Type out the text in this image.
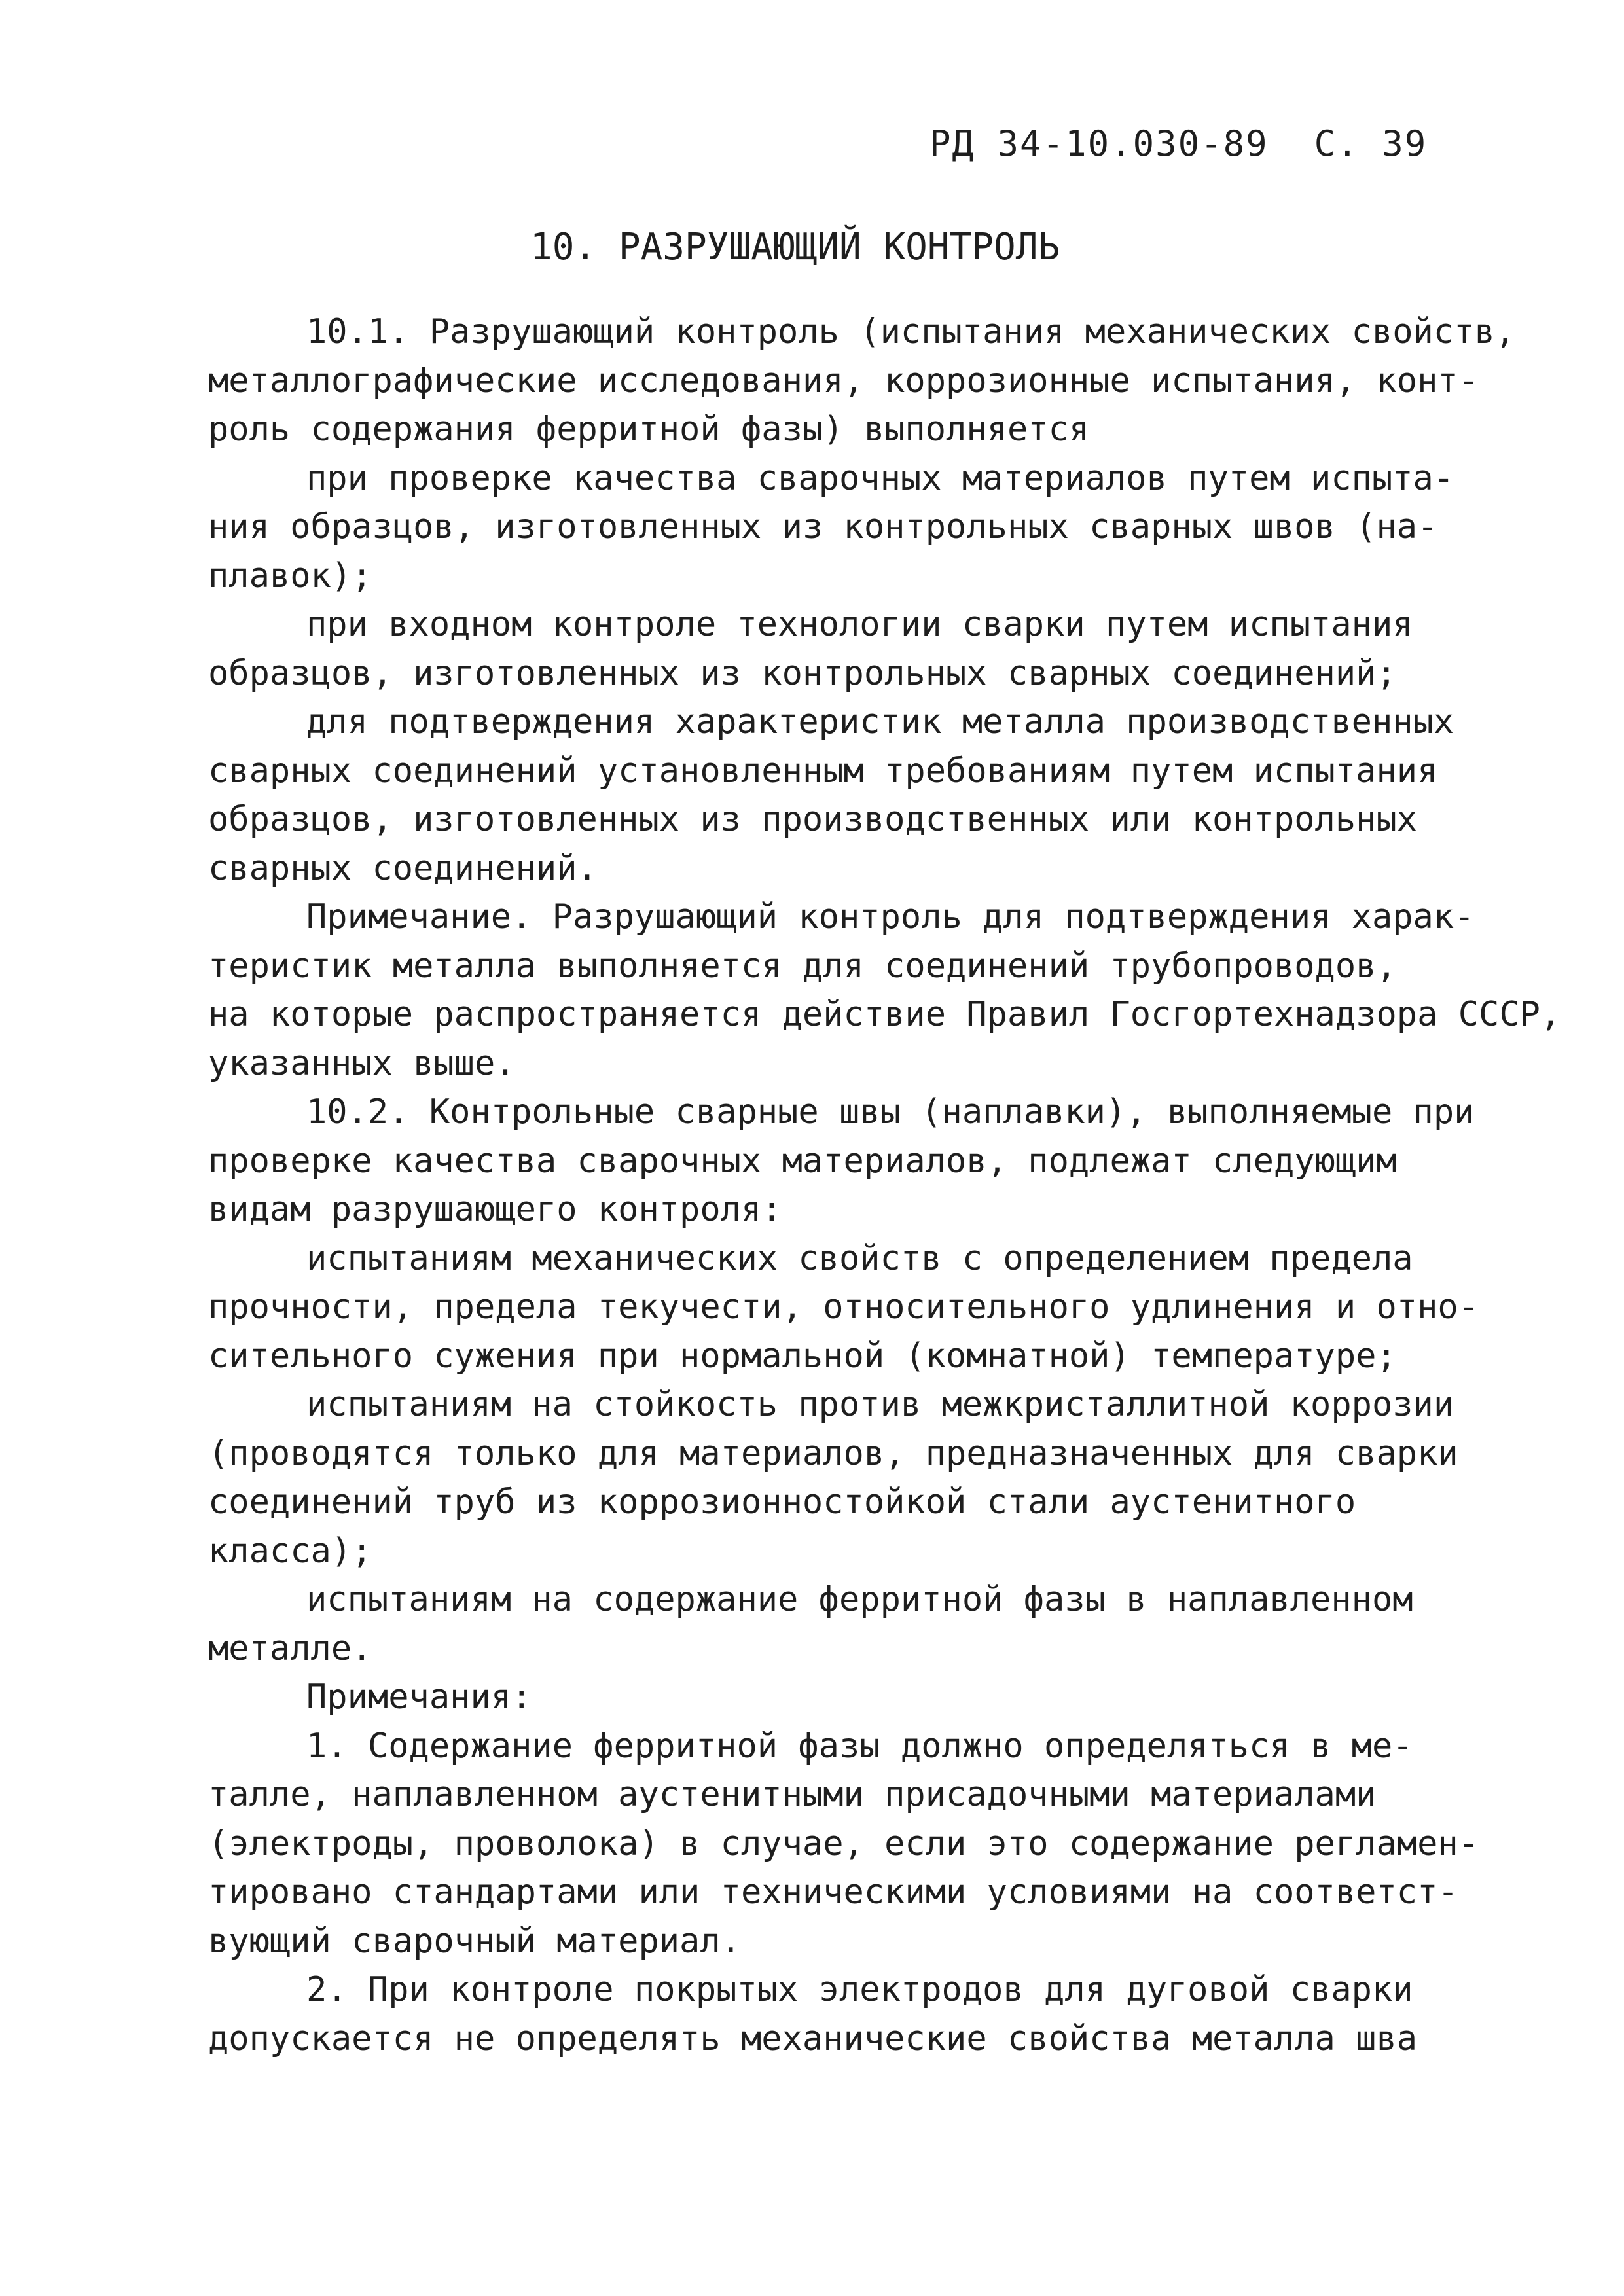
РД 34-10.030-89 С. 39
10. РАЗРУШАЮЩИЙ КОНТРОЛЬ
10.1. Разрушающий контроль (испытания механических свойств,
металлографические исследования, коррозионные испытания, конт-
роль содержания ферритной фазы) выполняется
при проверке качества сварочных материалов путем испыта-
ния образцов, изготовленных из контрольных сварных швов (на-
плавок);
при входном контроле технологии сварки путем испытания
образцов, изготовленных из контрольных сварных соединений;
для подтверждения характеристик металла производственных
сварных соединений установленным требованиям путем испытания
образцов, изготовленных из производственных или контрольных
сварных соединений.
Примечание. Разрушающий контроль для подтверждения харак-
теристик металла выполняется для соединений трубопроводов,
на которые распространяется действие Правил Госгортехнадзора СССР,
указанных выше.
10.2. Контрольные сварные швы (наплавки), выполняемые при
проверке качества сварочных материалов, подлежат следующим
видам разрушающего контроля:
испытаниям механических свойств с определением предела
прочности, предела текучести, относительного удлинения и отно-
сительного сужения при нормальной (комнатной) температуре;
испытаниям на стойкость против межкристаллитной коррозии
(проводятся только для материалов, предназначенных для сварки
соединений труб из коррозионностойкой стали аустенитного
класса);
испытаниям на содержание ферритной фазы в наплавленном
металле.
Примечания:
1. Содержание ферритной фазы должно определяться в ме-
талле, наплавленном аустенитными присадочными материалами
(электроды, проволока) в случае, если это содержание регламен-
тировано стандартами или техническими условиями на соответст-
вующий сварочный материал.
2. При контроле покрытых электродов для дуговой сварки
допускается не определять механические свойства металла шва
